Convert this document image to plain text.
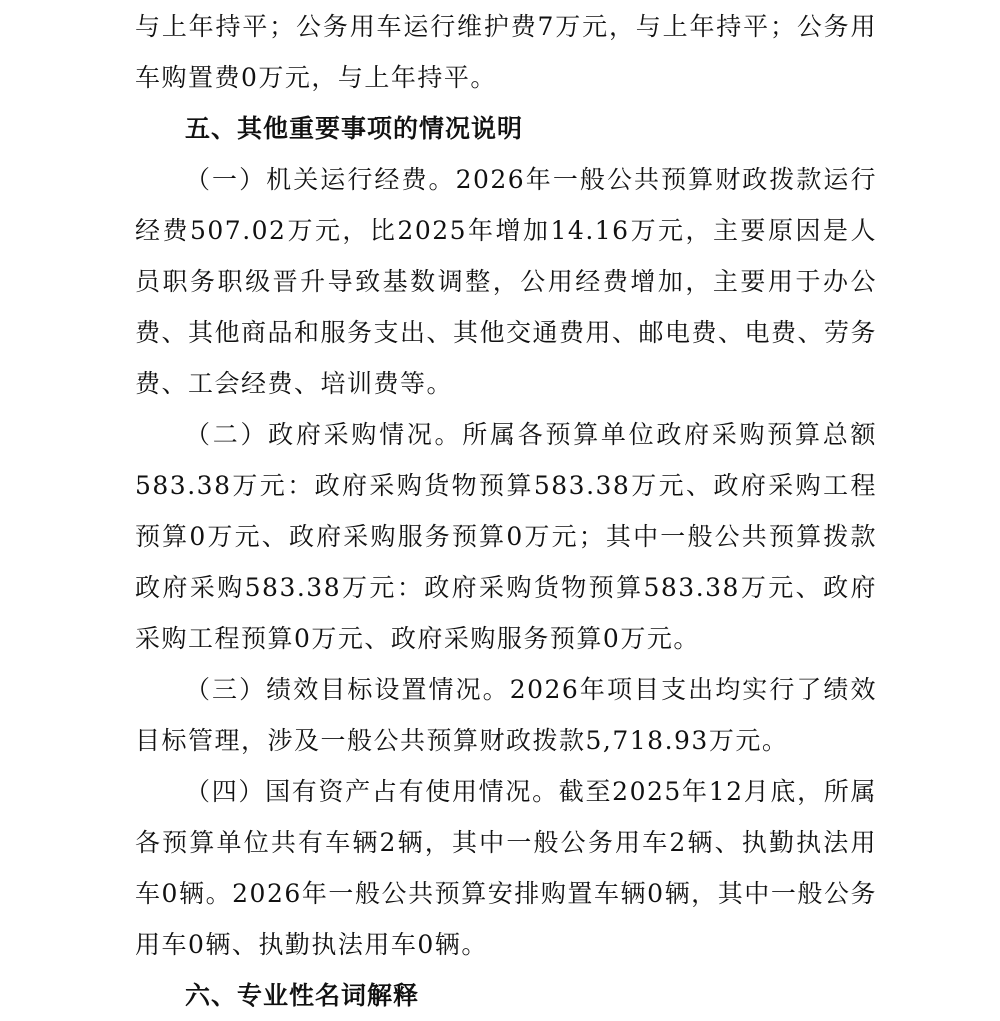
与上年持平；公务用车运行维护费7万元，与上年持平；公务用车购置费0万元，与上年持平。

五、其他重要事项的情况说明

（一）机关运行经费。2026年一般公共预算财政拨款运行经费507.02万元，比2025年增加14.16万元，主要原因是人员职务职级晋升导致基数调整，公用经费增加，主要用于办公费、其他商品和服务支出、其他交通费用、邮电费、电费、劳务费、工会经费、培训费等。

（二）政府采购情况。所属各预算单位政府采购预算总额583.38万元：政府采购货物预算583.38万元、政府采购工程预算0万元、政府采购服务预算0万元；其中一般公共预算拨款政府采购583.38万元：政府采购货物预算583.38万元、政府采购工程预算0万元、政府采购服务预算0万元。

（三）绩效目标设置情况。2026年项目支出均实行了绩效目标管理，涉及一般公共预算财政拨款5,718.93万元。

（四）国有资产占有使用情况。截至2025年12月底，所属各预算单位共有车辆2辆，其中一般公务用车2辆、执勤执法用车0辆。2026年一般公共预算安排购置车辆0辆，其中一般公务用车0辆、执勤执法用车0辆。

六、专业性名词解释
